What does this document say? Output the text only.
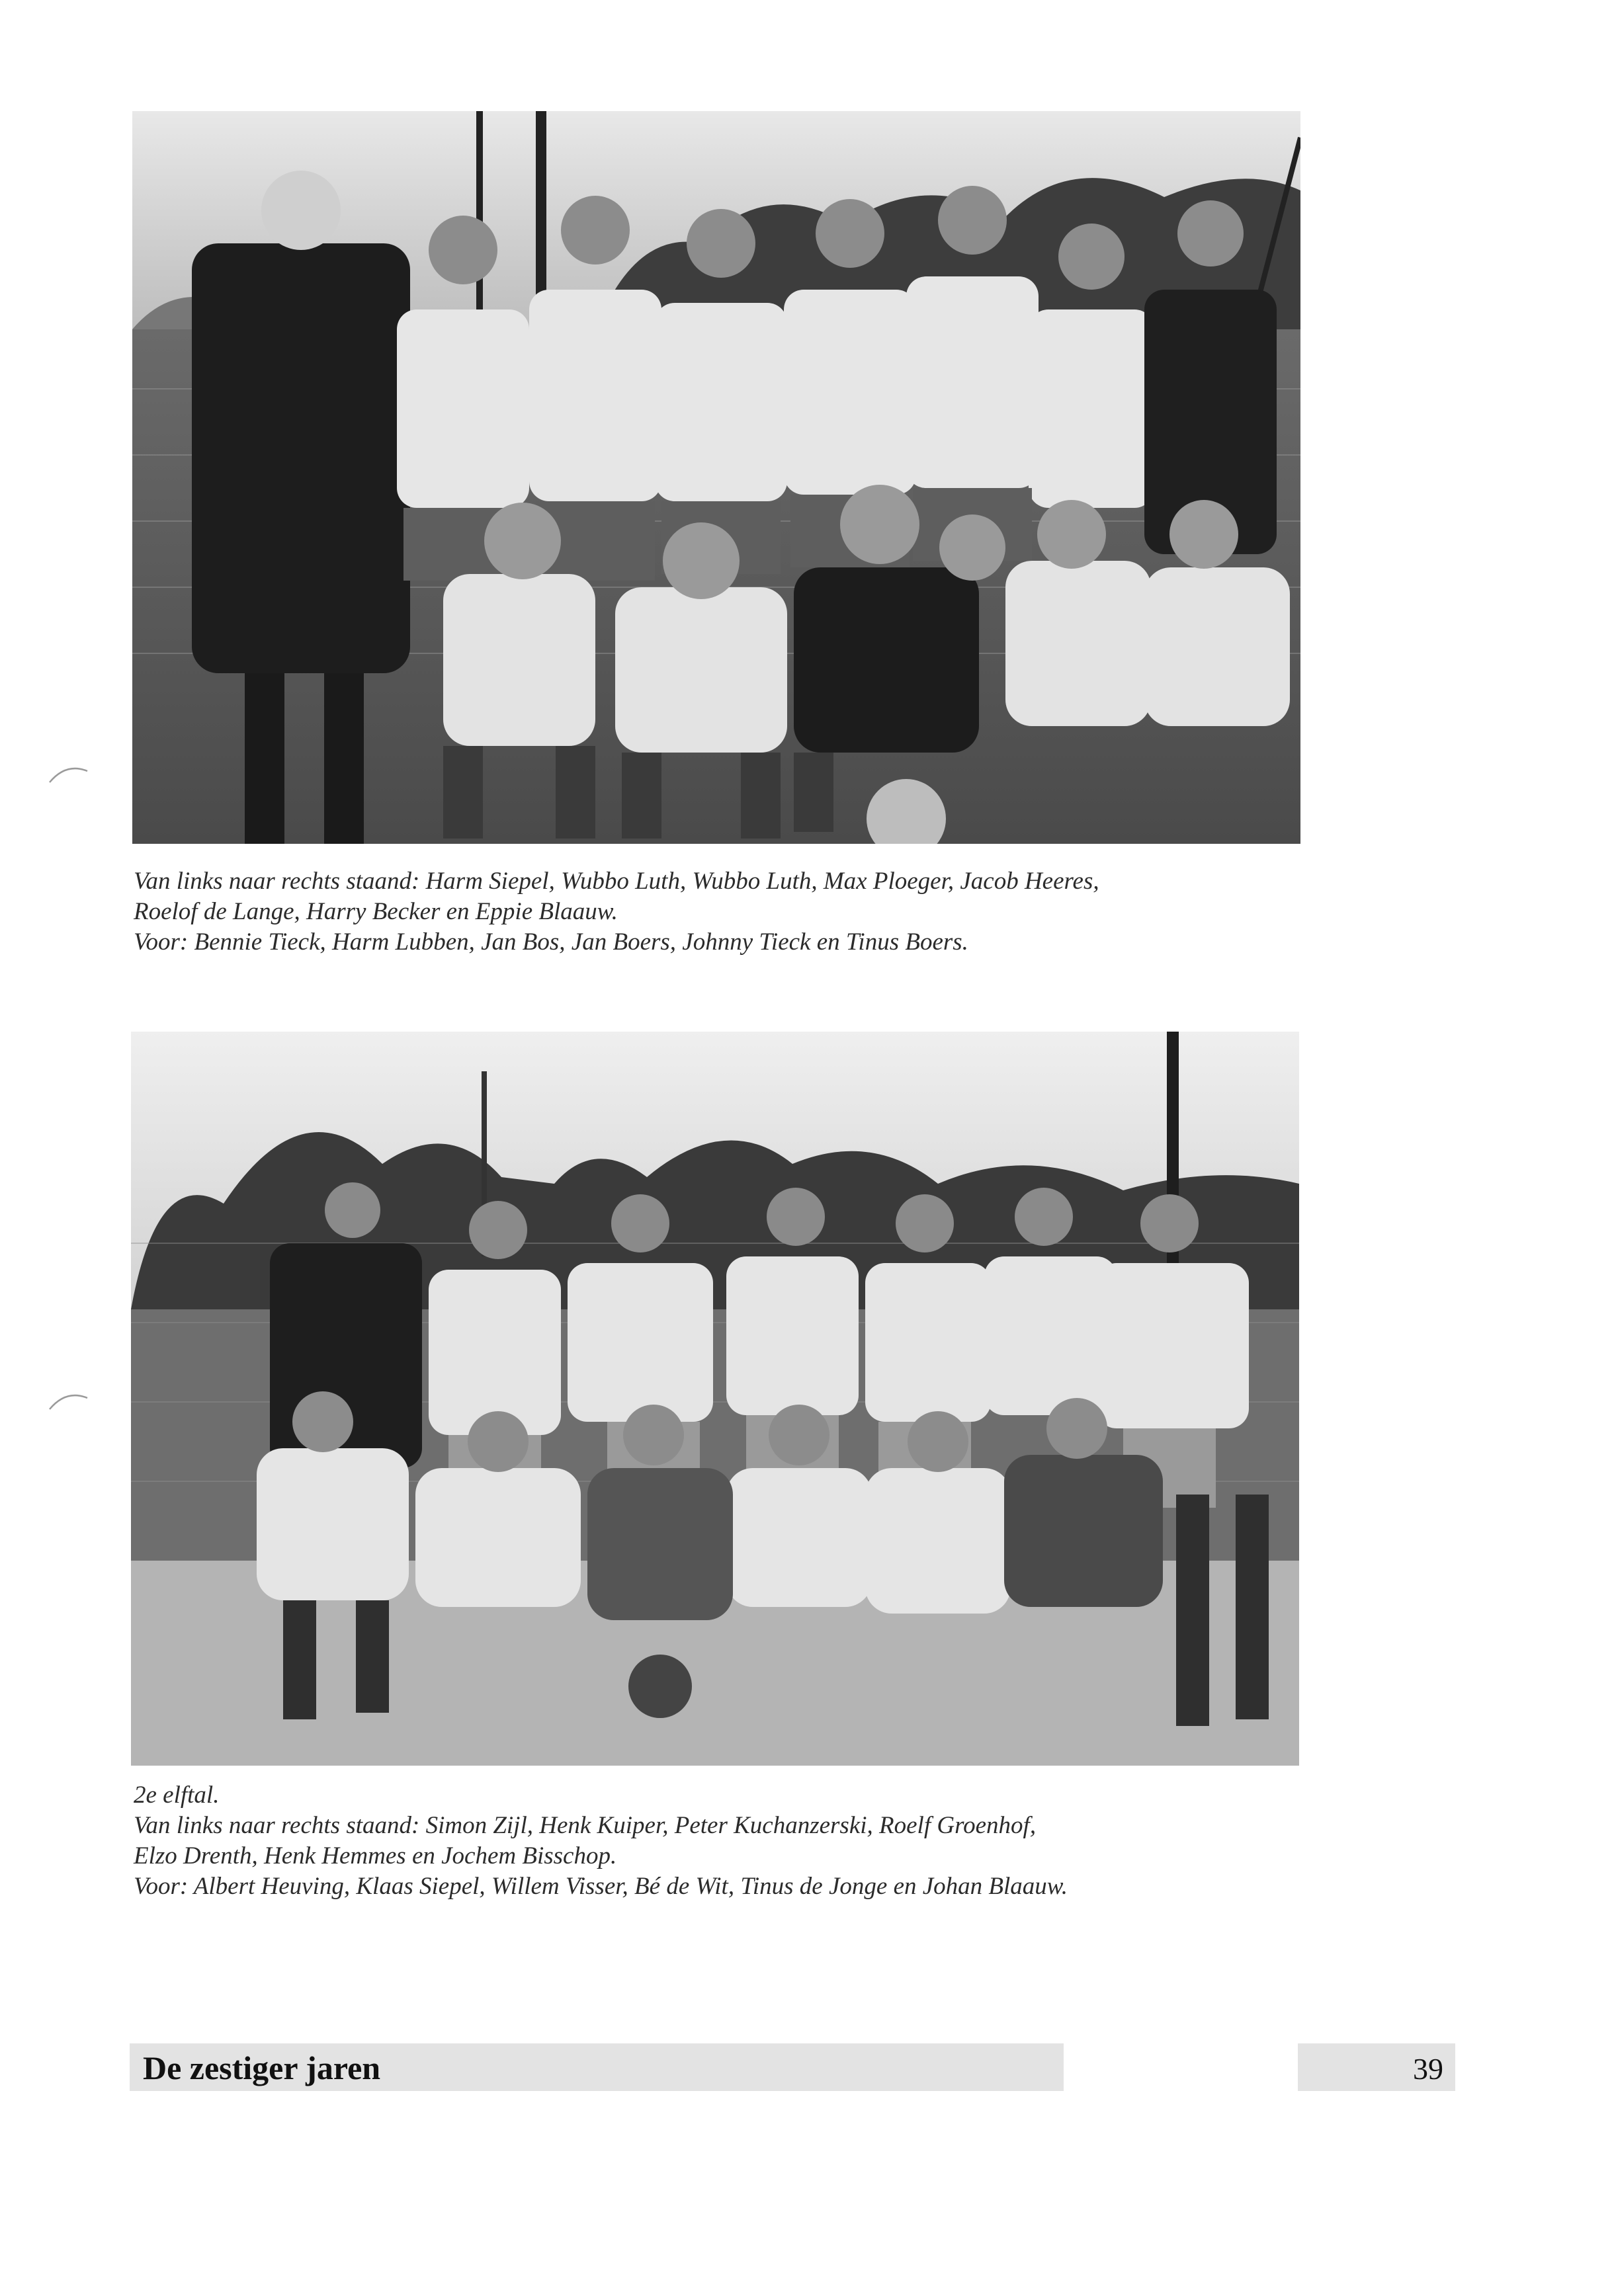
Van links naar rechts staand: Harm Siepel, Wubbo Luth, Wubbo Luth, Max Ploeger, Jacob Heeres,
Roelof de Lange, Harry Becker en Eppie Blaauw.
Voor: Bennie Tieck, Harm Lubben, Jan Bos, Jan Boers, Johnny Tieck en Tinus Boers.
2e elftal.
Van links naar rechts staand: Simon Zijl, Henk Kuiper, Peter Kuchanzerski, Roelf Groenhof,
Elzo Drenth, Henk Hemmes en Jochem Bisschop.
Voor: Albert Heuving, Klaas Siepel, Willem Visser, Bé de Wit, Tinus de Jonge en Johan Blaauw.
De zestiger jaren	39
